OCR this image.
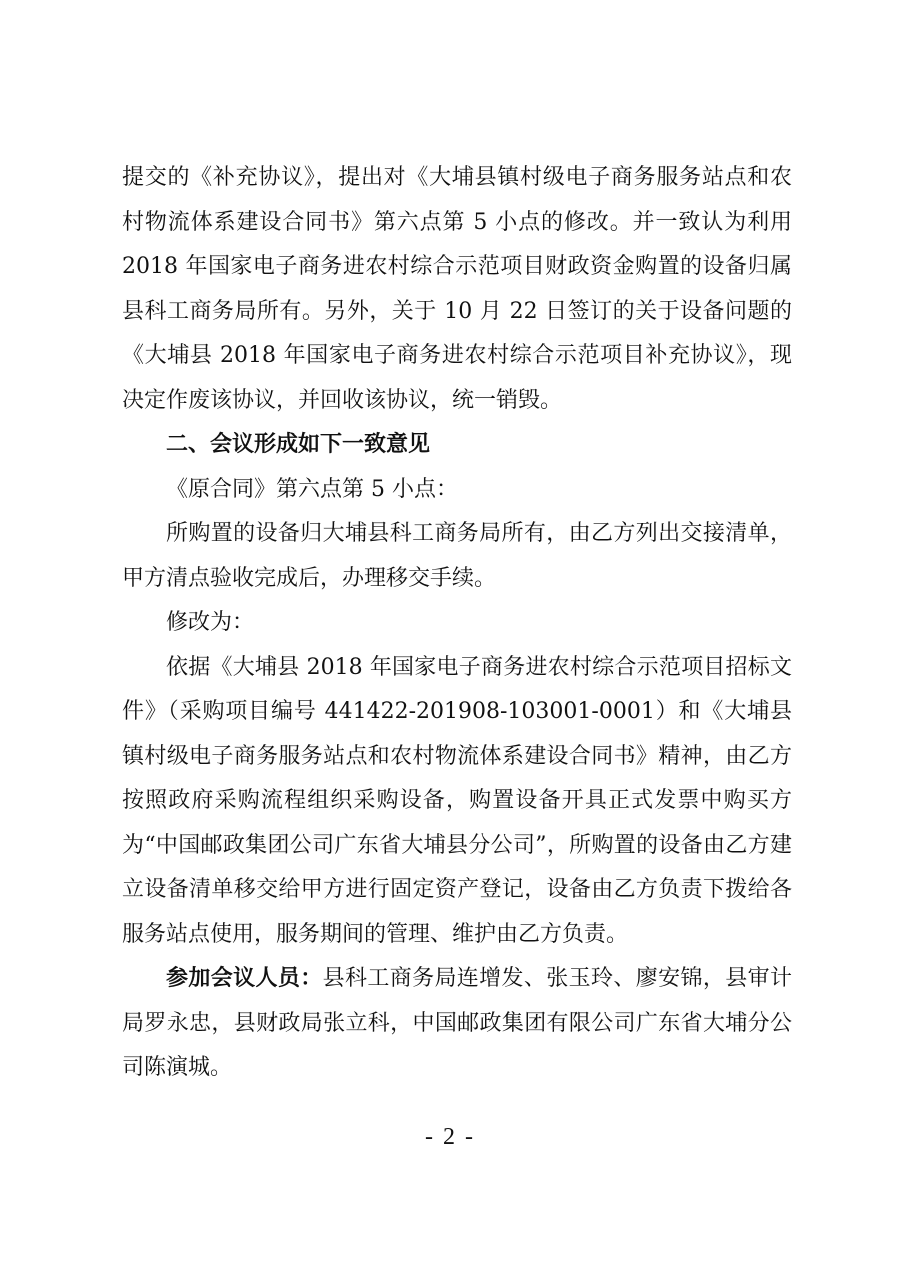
提交的《补充协议》，提出对《大埔县镇村级电子商务服务站点和农村物流体系建设合同书》第六点第 5 小点的修改。并一致认为利用 2018 年国家电子商务进农村综合示范项目财政资金购置的设备归属县科工商务局所有。另外，关于 10 月 22 日签订的关于设备问题的《大埔县 2018 年国家电子商务进农村综合示范项目补充协议》，现决定作废该协议，并回收该协议，统一销毁。

二、会议形成如下一致意见

《原合同》第六点第 5 小点：

所购置的设备归大埔县科工商务局所有，由乙方列出交接清单，甲方清点验收完成后，办理移交手续。

修改为：

依据《大埔县 2018 年国家电子商务进农村综合示范项目招标文件》（采购项目编号 441422-201908-103001-0001）和《大埔县镇村级电子商务服务站点和农村物流体系建设合同书》精神，由乙方按照政府采购流程组织采购设备，购置设备开具正式发票中购买方为“中国邮政集团公司广东省大埔县分公司”，所购置的设备由乙方建立设备清单移交给甲方进行固定资产登记，设备由乙方负责下拨给各服务站点使用，服务期间的管理、维护由乙方负责。

参加会议人员：县科工商务局连增发、张玉玲、廖安锦，县审计局罗永忠，县财政局张立科，中国邮政集团有限公司广东省大埔分公司陈演城。

- 2 -
